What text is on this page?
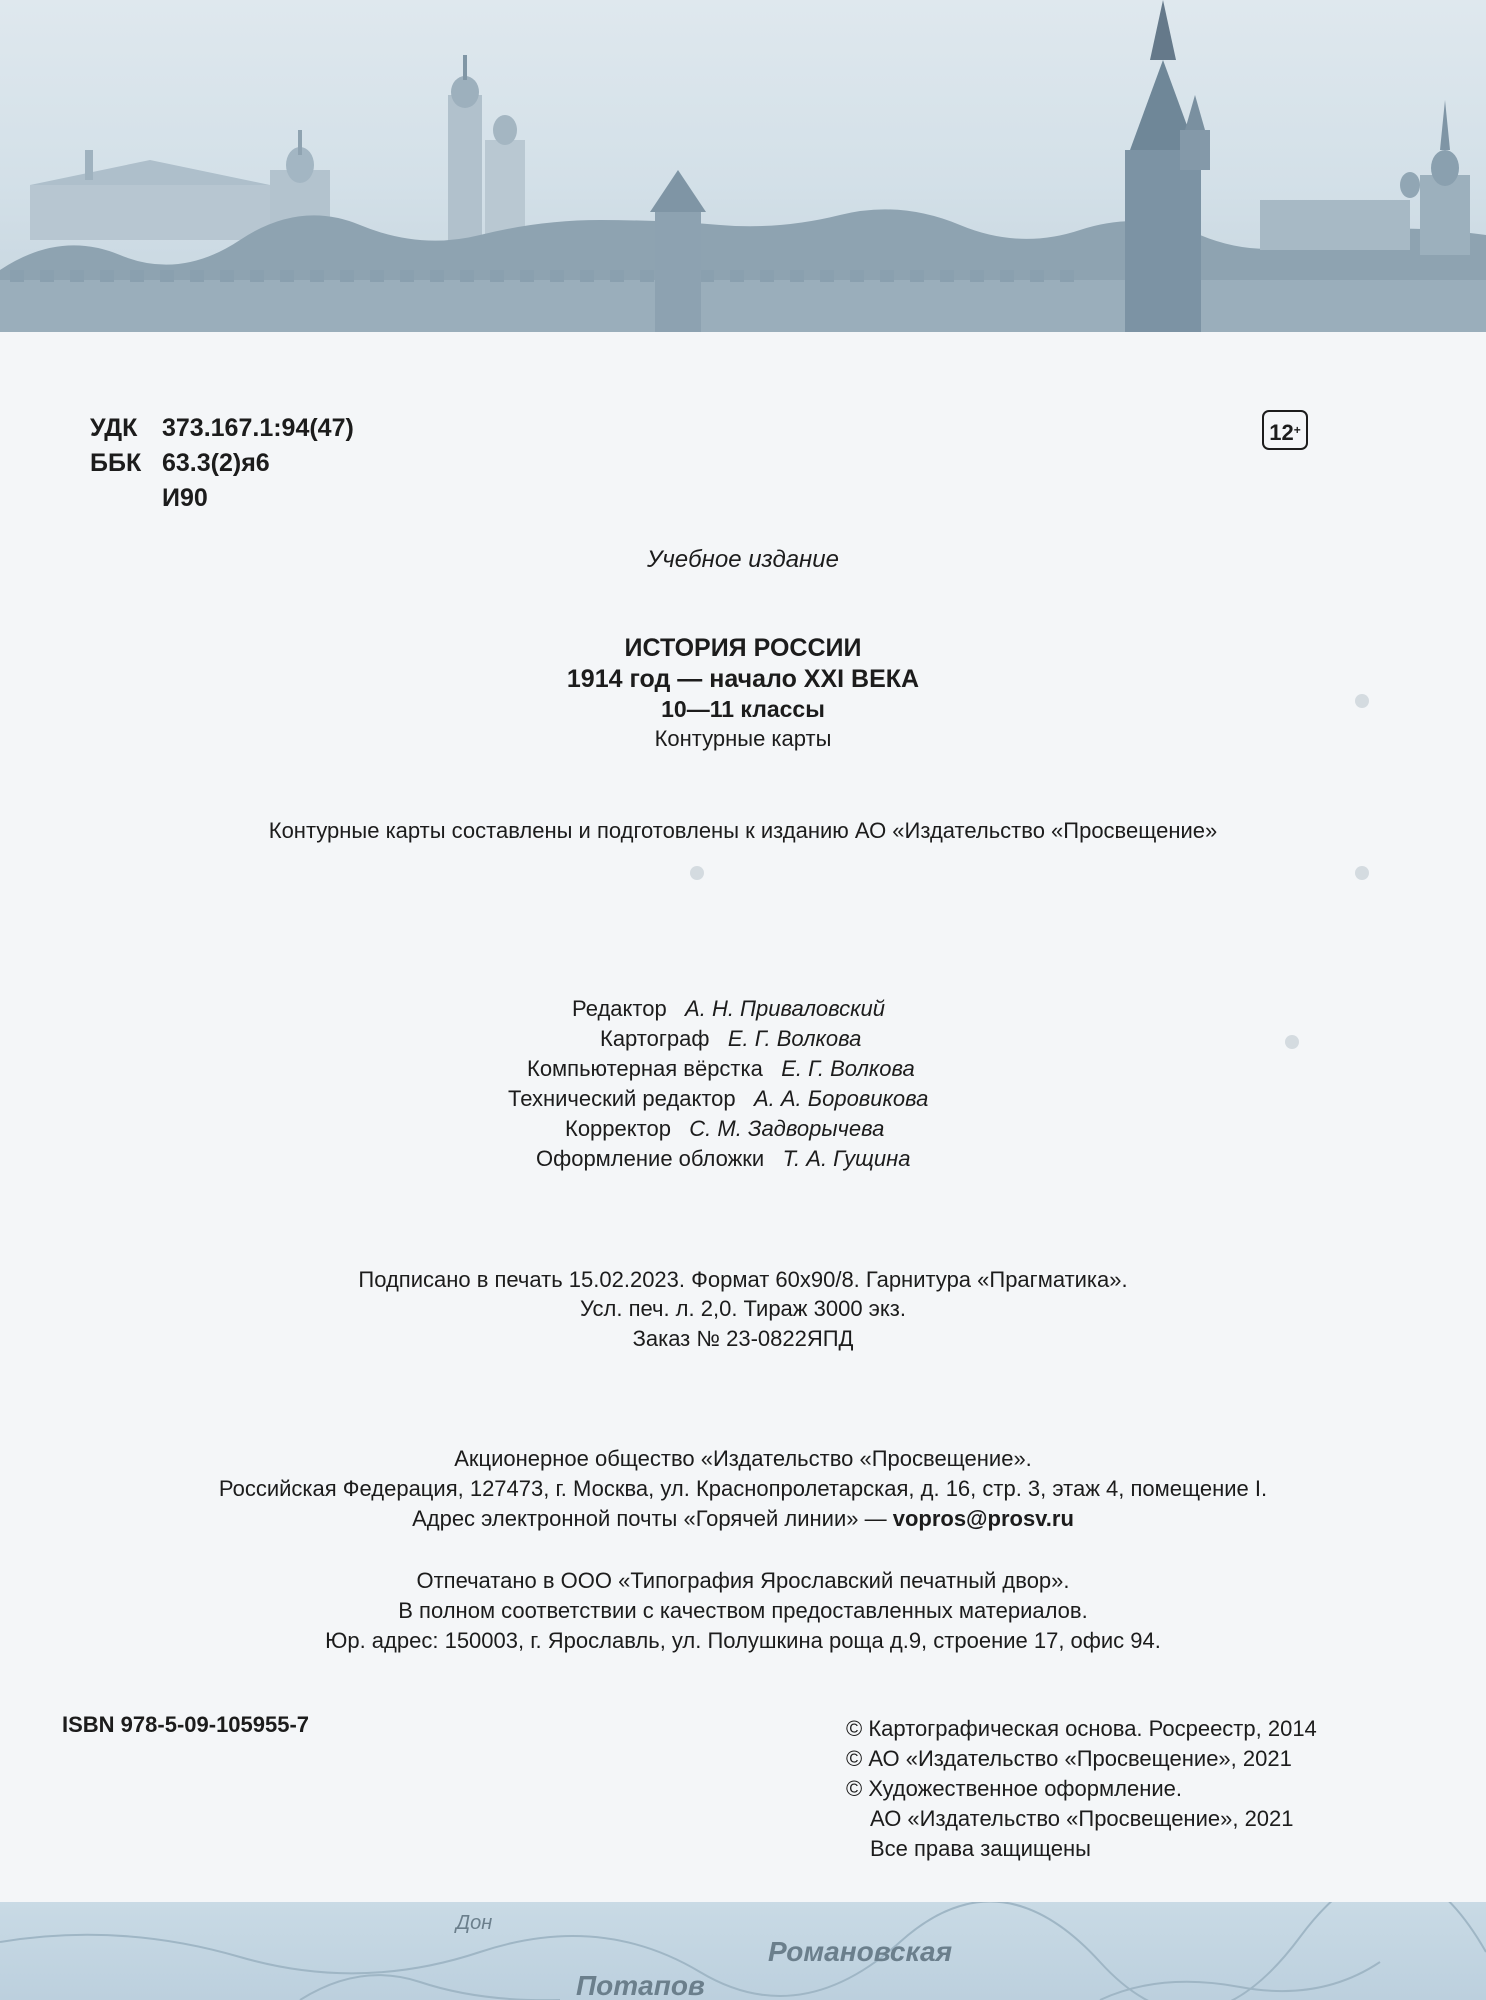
УДК 373.167.1:94(47)
ББК 63.3(2)я6
И90
12+
Учебное издание
ИСТОРИЯ РОССИИ
1914 год — начало XXI ВЕКА
10—11 классы
Контурные карты
Контурные карты составлены и подготовлены к изданию АО «Издательство «Просвещение»
Редактор А. Н. Приваловский
Картограф Е. Г. Волкова
Компьютерная вёрстка Е. Г. Волкова
Технический редактор А. А. Боровикова
Корректор С. М. Задворычева
Оформление обложки Т. А. Гущина
Подписано в печать 15.02.2023. Формат 60x90/8. Гарнитура «Прагматика».
Усл. печ. л. 2,0. Тираж 3000 экз.
Заказ № 23-0822ЯПД
Акционерное общество «Издательство «Просвещение».
Российская Федерация, 127473, г. Москва, ул. Краснопролетарская, д. 16, стр. 3, этаж 4, помещение I.
Адрес электронной почты «Горячей линии» — vopros@prosv.ru
Отпечатано в ООО «Типография Ярославский печатный двор».
В полном соответствии с качеством предоставленных материалов.
Юр. адрес: 150003, г. Ярославль, ул. Полушкина роща д.9, строение 17, офис 94.
ISBN 978-5-09-105955-7	© Картографическая основа. Росреестр, 2014
© АО «Издательство «Просвещение», 2021
© Художественное оформление.
АО «Издательство «Просвещение», 2021
Все права защищены
Дон
Романовская
Потапов
